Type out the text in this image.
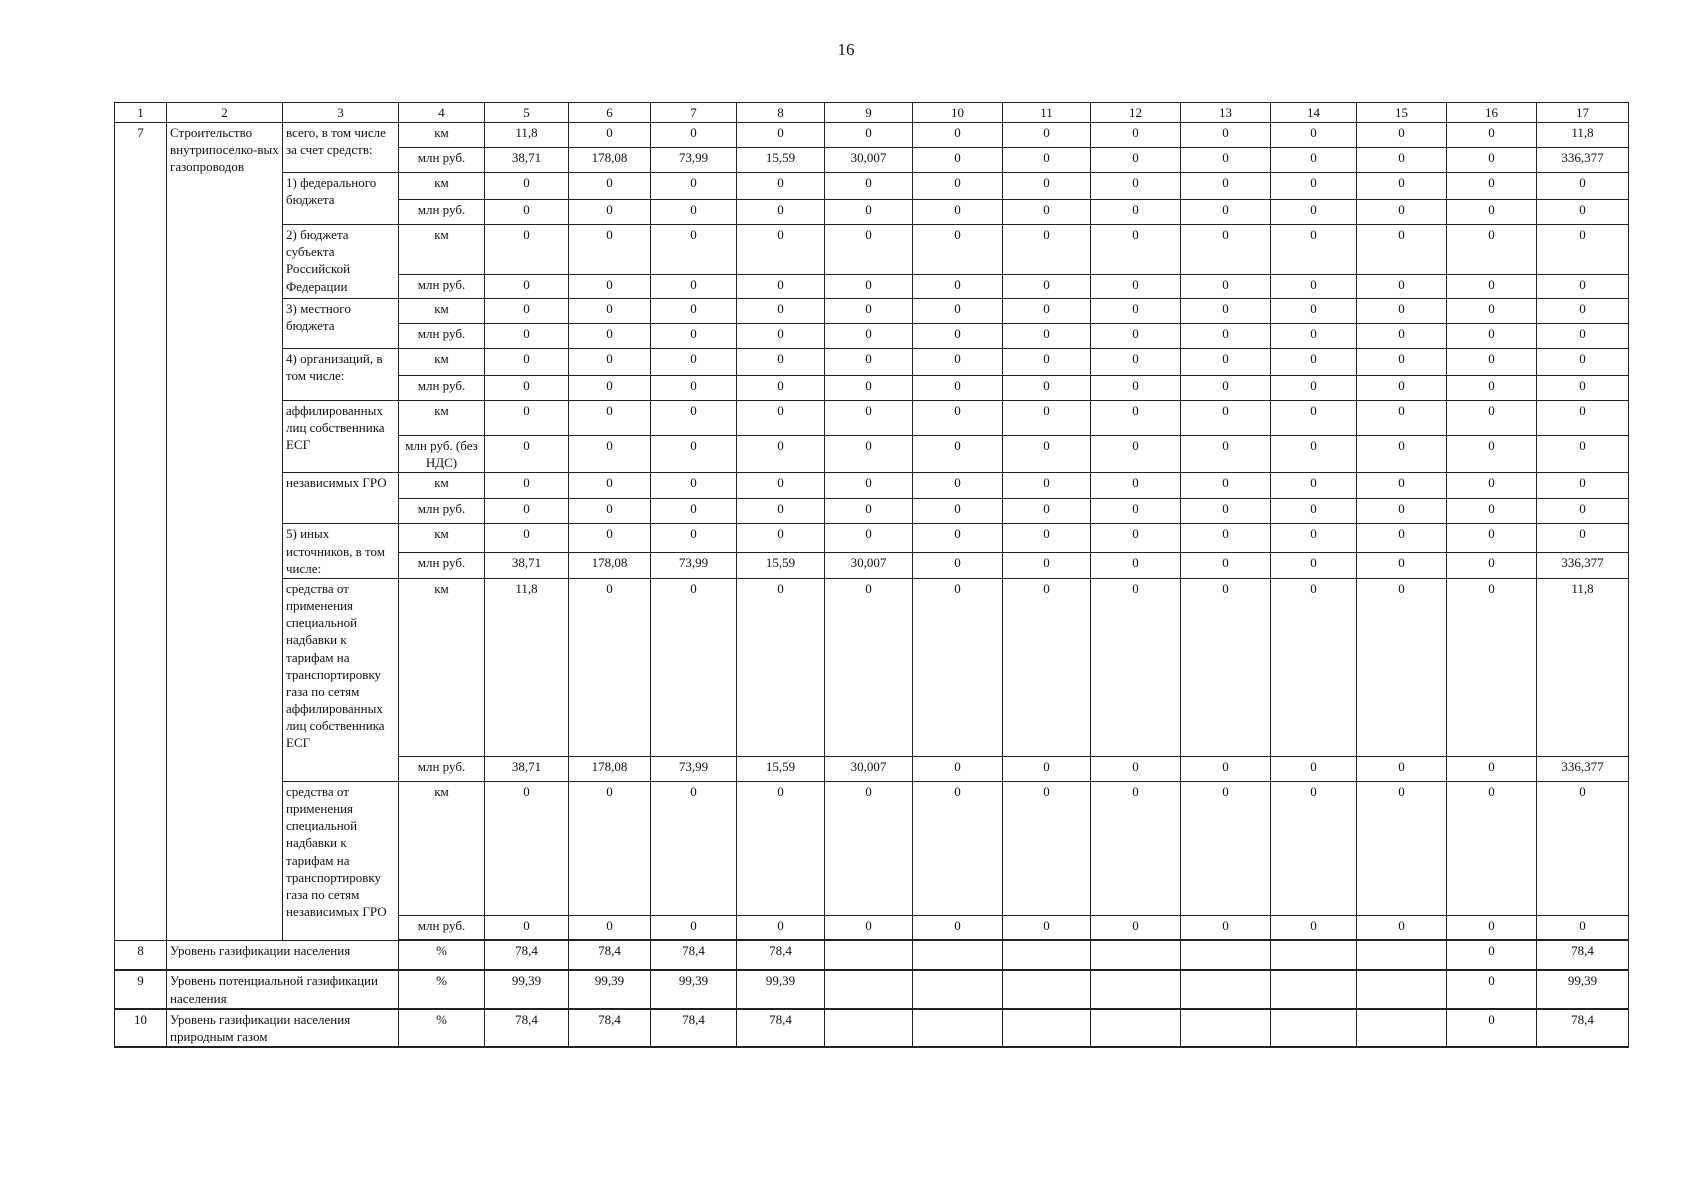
16
1	2	3	4	5	6	7	8	9	10	11	12	13	14	15	16	17
7	Строительство внутрипоселко-вых газопроводов	всего, в том числе за счет средств:	км	11,8	0	0	0	0	0	0	0	0	0	0	0	11,8
			млн руб.	38,71	178,08	73,99	15,59	30,007	0	0	0	0	0	0	0	336,377
		1) федерального бюджета	км	0	0	0	0	0	0	0	0	0	0	0	0	0
			млн руб.	0	0	0	0	0	0	0	0	0	0	0	0	0
		2) бюджета субъекта Российской Федерации	км	0	0	0	0	0	0	0	0	0	0	0	0	0
			млн руб.	0	0	0	0	0	0	0	0	0	0	0	0	0
		3) местного бюджета	км	0	0	0	0	0	0	0	0	0	0	0	0	0
			млн руб.	0	0	0	0	0	0	0	0	0	0	0	0	0
		4) организаций, в том числе:	км	0	0	0	0	0	0	0	0	0	0	0	0	0
			млн руб.	0	0	0	0	0	0	0	0	0	0	0	0	0
		аффилированных лиц собственника ЕСГ	км	0	0	0	0	0	0	0	0	0	0	0	0	0
			млн руб. (без НДС)	0	0	0	0	0	0	0	0	0	0	0	0	0
		независимых ГРО	км	0	0	0	0	0	0	0	0	0	0	0	0	0
			млн руб.	0	0	0	0	0	0	0	0	0	0	0	0	0
		5) иных источников, в том числе:	км	0	0	0	0	0	0	0	0	0	0	0	0	0
			млн руб.	38,71	178,08	73,99	15,59	30,007	0	0	0	0	0	0	0	336,377
		средства от применения специальной надбавки к тарифам на транспортировку газа по сетям аффилированных лиц собственника ЕСГ	км	11,8	0	0	0	0	0	0	0	0	0	0	0	11,8
			млн руб.	38,71	178,08	73,99	15,59	30,007	0	0	0	0	0	0	0	336,377
		средства от применения специальной надбавки к тарифам на транспортировку газа по сетям независимых ГРО	км	0	0	0	0	0	0	0	0	0	0	0	0	0
			млн руб.	0	0	0	0	0	0	0	0	0	0	0	0	0
8	Уровень газификации населения		%	78,4	78,4	78,4	78,4								0	78,4
9	Уровень потенциальной газификации населения		%	99,39	99,39	99,39	99,39								0	99,39
10	Уровень газификации населения природным газом		%	78,4	78,4	78,4	78,4								0	78,4
